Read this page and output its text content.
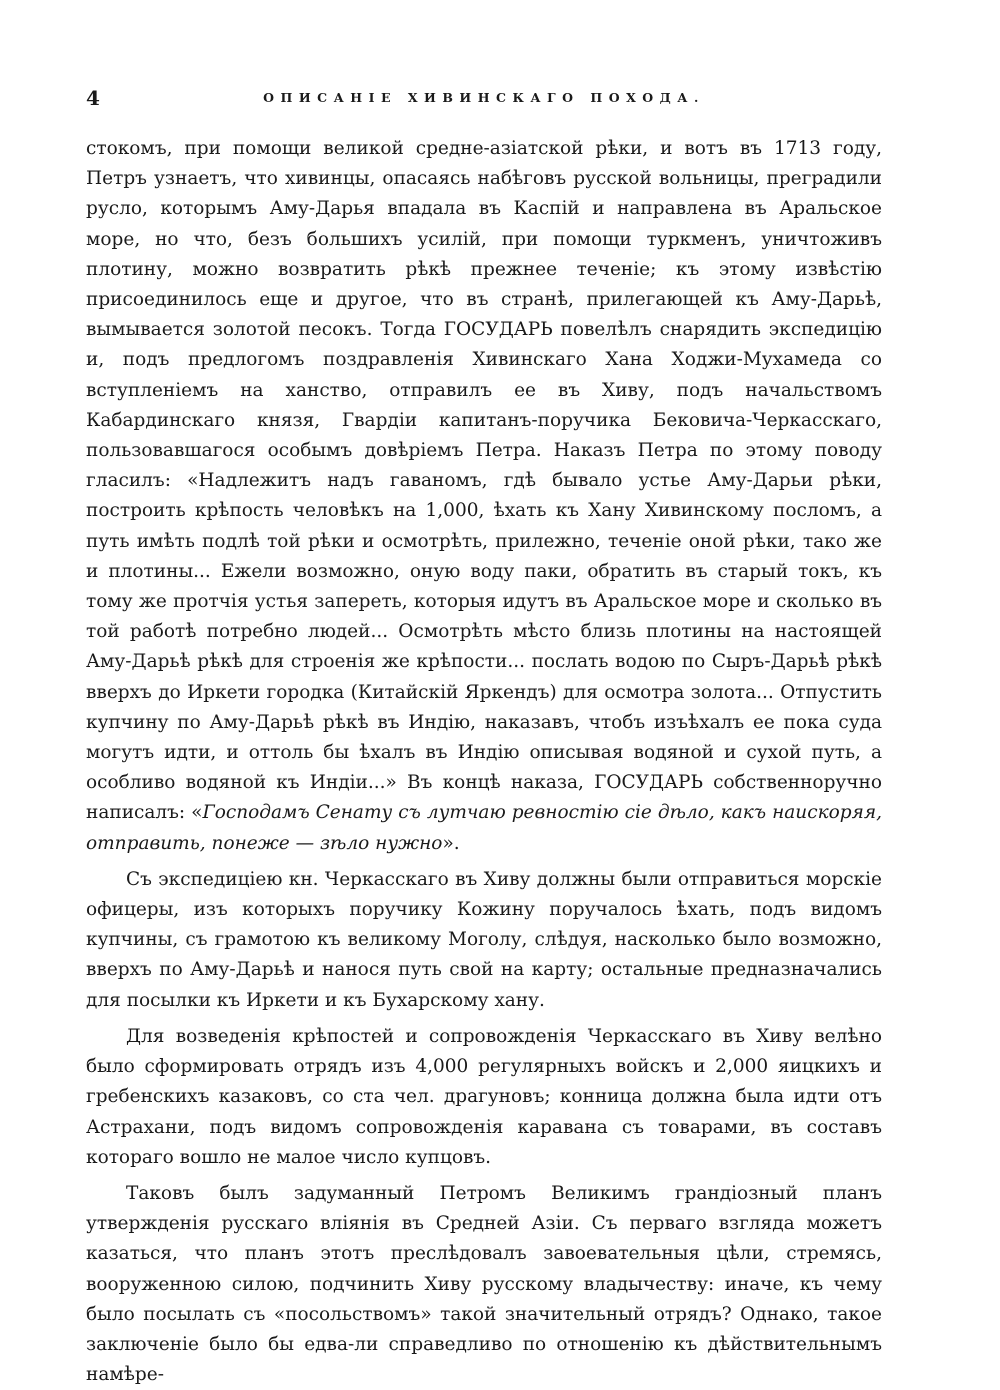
4	ОПИСАНІЕ ХИВИНСКАГО ПОХОДА.

стокомъ, при помощи великой средне-азіатской рѣки, и вотъ въ 1713 году, Петръ узнаетъ, что хивинцы, опасаясь набѣговъ русской вольницы, преградили русло, которымъ Аму-Дарья впадала въ Каспій и направлена въ Аральское море, но что, безъ большихъ усилій, при помощи туркменъ, уничтоживъ плотину, можно возвратить рѣкѣ прежнее теченіе; къ этому извѣстію присоединилось еще и другое, что въ странѣ, прилегающей къ Аму-Дарьѣ, вымывается золотой песокъ. Тогда ГОСУДАРЬ повелѣлъ снарядить экспедицію и, подъ предлогомъ поздравленія Хивинскаго Хана Ходжи-Мухамеда со вступленіемъ на ханство, отправилъ ее въ Хиву, подъ начальствомъ Кабардинскаго князя, Гвардіи капитанъ-поручика Бековича-Черкасскаго, пользовавшагося особымъ довѣріемъ Петра. Наказъ Петра по этому поводу гласилъ: «Надлежитъ надъ гаваномъ, гдѣ бывало устье Аму-Дарьи рѣки, построить крѣпость человѣкъ на 1,000, ѣхать къ Хану Хивинскому посломъ, а путь имѣть подлѣ той рѣки и осмотрѣть, прилежно, теченіе оной рѣки, тако же и плотины... Ежели возможно, оную воду паки, обратить въ старый токъ, къ тому же протчія устья запереть, которыя идутъ въ Аральское море и сколько въ той работѣ потребно людей... Осмотрѣть мѣсто близь плотины на настоящей Аму-Дарьѣ рѣкѣ для строенія же крѣпости... послать водою по Сыръ-Дарьѣ рѣкѣ вверхъ до Иркети городка (Китайскій Яркендъ) для осмотра золота... Отпустить купчину по Аму-Дарьѣ рѣкѣ въ Индію, наказавъ, чтобъ изъѣхалъ ее пока суда могутъ идти, и оттоль бы ѣхалъ въ Индію описывая водяной и сухой путь, а особливо водяной къ Индіи...» Въ концѣ наказа, ГОСУДАРЬ собственноручно написалъ: «Господамъ Сенату съ лутчаю ревностію сіе дѣло, какъ наискоряя, отправить, понеже — зѣло нужно».

Съ экспедиціею кн. Черкасскаго въ Хиву должны были отправиться морскіе офицеры, изъ которыхъ поручику Кожину поручалось ѣхать, подъ видомъ купчины, съ грамотою къ великому Моголу, слѣдуя, насколько было возможно, вверхъ по Аму-Дарьѣ и нанося путь свой на карту; остальные предназначались для посылки къ Иркети и къ Бухарскому хану.

Для возведенія крѣпостей и сопровожденія Черкасскаго въ Хиву велѣно было сформировать отрядъ изъ 4,000 регулярныхъ войскъ и 2,000 яицкихъ и гребенскихъ казаковъ, со ста чел. драгуновъ; конница должна была идти отъ Астрахани, подъ видомъ сопровожденія каравана съ товарами, въ составъ котораго вошло не малое число купцовъ.

Таковъ былъ задуманный Петромъ Великимъ грандіозный планъ утвержденія русскаго вліянія въ Средней Азіи. Съ перваго взгляда можетъ казаться, что планъ этотъ преслѣдовалъ завоевательныя цѣли, стремясь, вооруженною силою, подчинить Хиву русскому владычеству: иначе, къ чему было посылать съ «посольствомъ» такой значительный отрядъ? Однако, такое заключеніе было бы едва-ли справедливо по отношенію къ дѣйствительнымъ намѣре-
